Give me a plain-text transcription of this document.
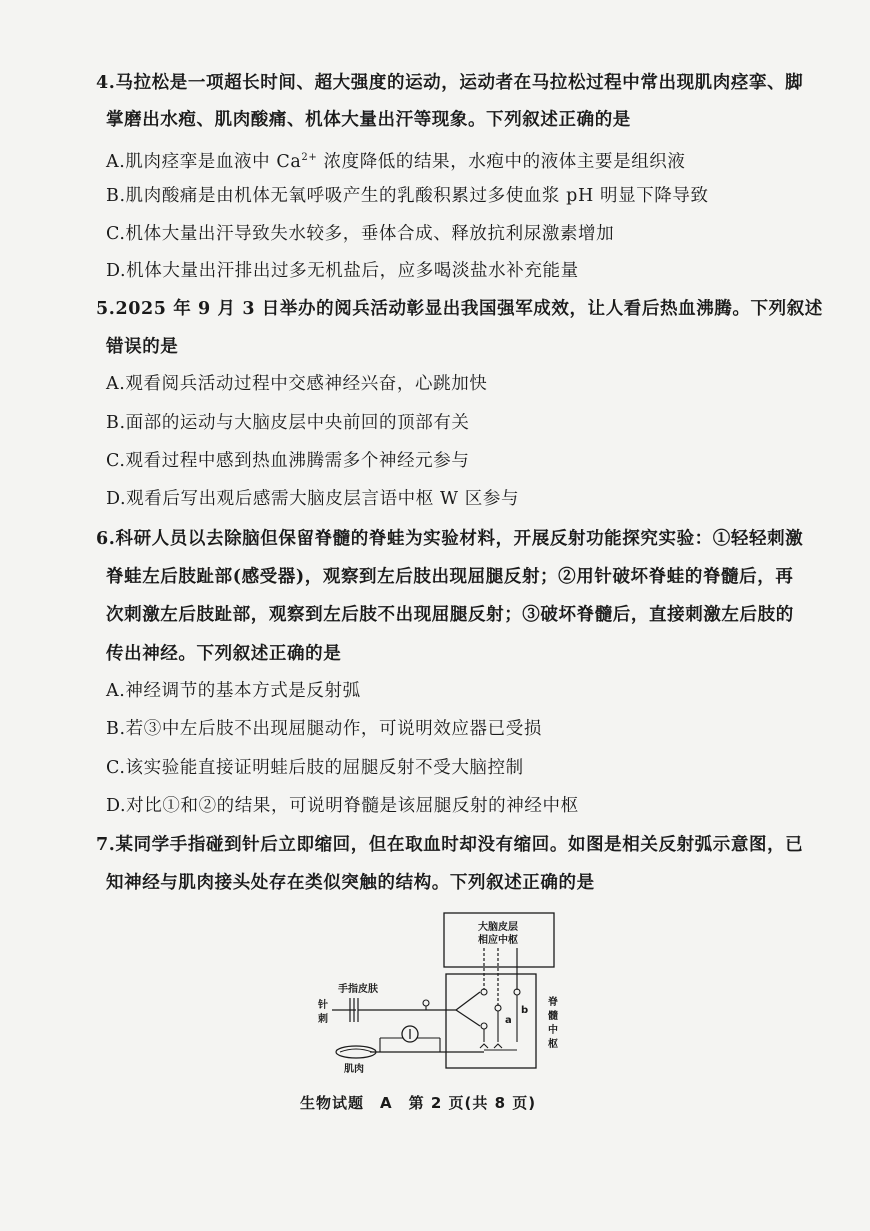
4.马拉松是一项超长时间、超大强度的运动，运动者在马拉松过程中常出现肌肉痉挛、脚
掌磨出水疱、肌肉酸痛、机体大量出汗等现象。下列叙述正确的是
A.肌肉痉挛是血液中 $Ca^{2+}$ 浓度降低的结果，水疱中的液体主要是组织液
B.肌肉酸痛是由机体无氧呼吸产生的乳酸积累过多使血浆 pH 明显下降导致
C.机体大量出汗导致失水较多，垂体合成、释放抗利尿激素增加
D.机体大量出汗排出过多无机盐后，应多喝淡盐水补充能量
5.2025 年 9 月 3 日举办的阅兵活动彰显出我国强军成效，让人看后热血沸腾。下列叙述
错误的是
A.观看阅兵活动过程中交感神经兴奋，心跳加快
B.面部的运动与大脑皮层中央前回的顶部有关
C.观看过程中感到热血沸腾需多个神经元参与
D.观看后写出观后感需大脑皮层言语中枢 W 区参与
6.科研人员以去除脑但保留脊髓的脊蛙为实验材料，开展反射功能探究实验：①轻轻刺激
脊蛙左后肢趾部(感受器)，观察到左后肢出现屈腿反射；②用针破坏脊蛙的脊髓后，再
次刺激左后肢趾部，观察到左后肢不出现屈腿反射；③破坏脊髓后，直接刺激左后肢的
传出神经。下列叙述正确的是
A.神经调节的基本方式是反射弧
B.若③中左后肢不出现屈腿动作，可说明效应器已受损
C.该实验能直接证明蛙后肢的屈腿反射不受大脑控制
D.对比①和②的结果，可说明脊髓是该屈腿反射的神经中枢
7.某同学手指碰到针后立即缩回，但在取血时却没有缩回。如图是相关反射弧示意图，已
知神经与肌肉接头处存在类似突触的结构。下列叙述正确的是
大脑皮层
相应中枢
脊
髓
中
枢
a
b
手指皮肤
针
刺
肌肉
生物试题　A　第 2 页(共 8 页)
